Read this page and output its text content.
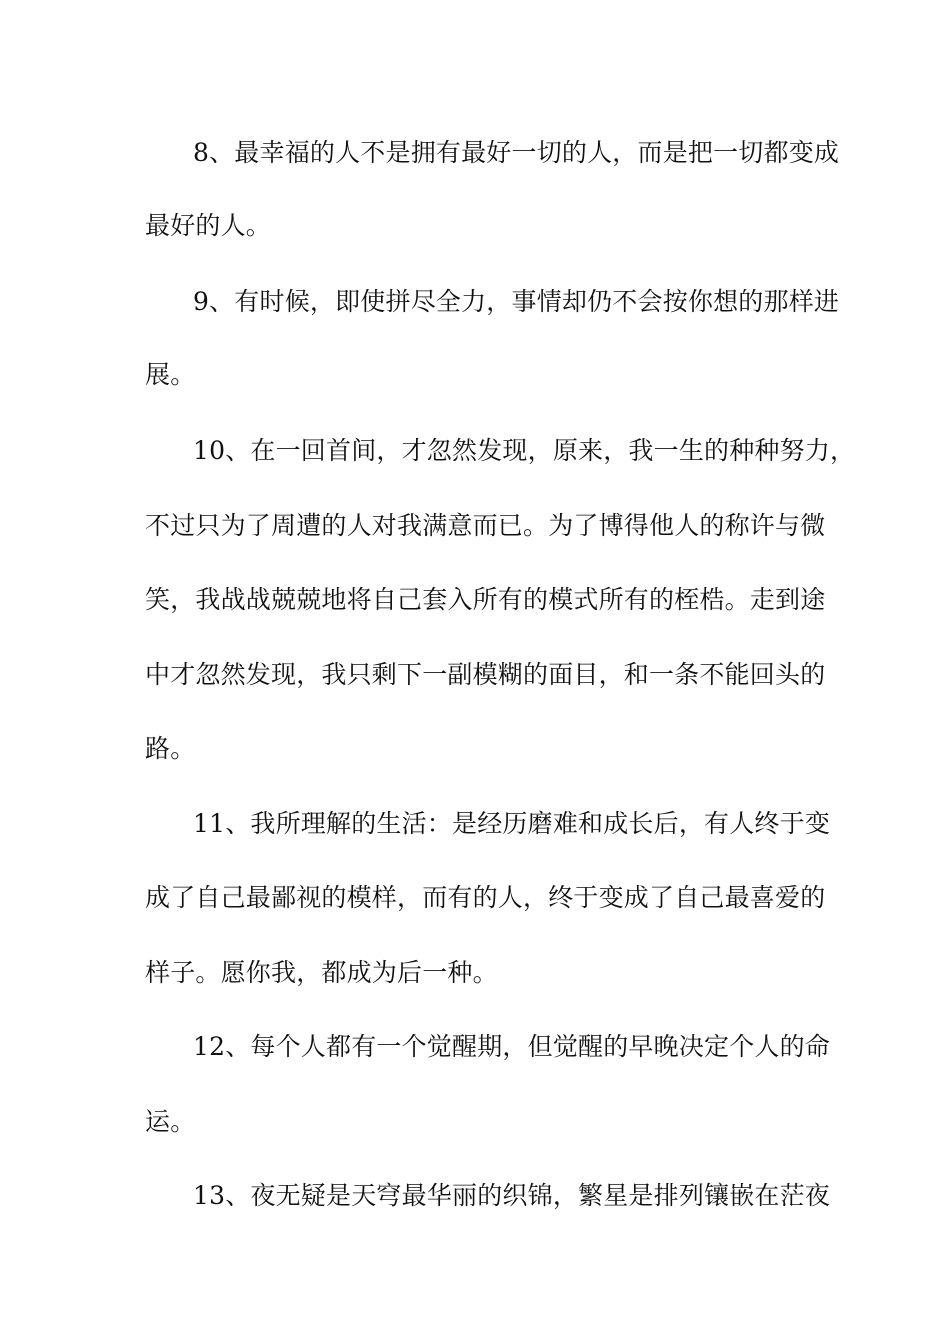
8、最幸福的人不是拥有最好一切的人，而是把一切都变成
最好的人。
9、有时候，即使拼尽全力，事情却仍不会按你想的那样进
展。
10、在一回首间，才忽然发现，原来，我一生的种种努力，
不过只为了周遭的人对我满意而已。为了博得他人的称许与微
笑，我战战兢兢地将自己套入所有的模式所有的桎梏。走到途
中才忽然发现，我只剩下一副模糊的面目，和一条不能回头的
路。
11、我所理解的生活：是经历磨难和成长后，有人终于变
成了自己最鄙视的模样，而有的人，终于变成了自己最喜爱的
样子。愿你我，都成为后一种。
12、每个人都有一个觉醒期，但觉醒的早晚决定个人的命
运。
13、夜无疑是天穹最华丽的织锦，繁星是排列镶嵌在茫夜
